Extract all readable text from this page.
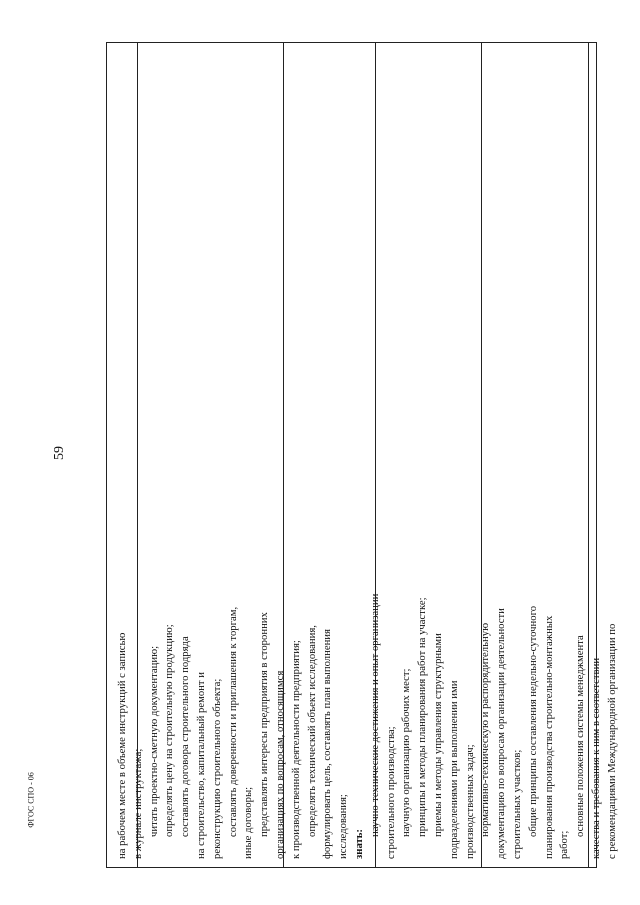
59
ФГОС СПО - 06	на рабочем месте в объеме инструкций с записью в журнале инструктажа; читать проектно-сметную документацию; определять цену на строительную продукцию; составлять договора строительного подряда на строительство, капитальный ремонт и реконструкцию строительного объекта; составлять доверенности и приглашения к торгам, иные договоры; представлять интересы предприятия в сторонних организациях по вопросам, относящимся к производственной деятельности предприятия; определять технический объект исследования, формулировать цель, составлять план выполнения исследования; знать:
научно-технические достижения и опыт организации строительного производства; научную организацию рабочих мест; принципы и методы планирования работ на участке; приемы и методы управления структурными подразделениями при выполнении ими производственных задач; нормативно-техническую и распорядительную документацию по вопросам организации деятельности строительных участков; общие принципы составления недельно-суточного планирования производства строительно-монтажных работ;
основные положения системы менеджмента качества и требования к ним в соответствии с рекомендациями Международной организации по
